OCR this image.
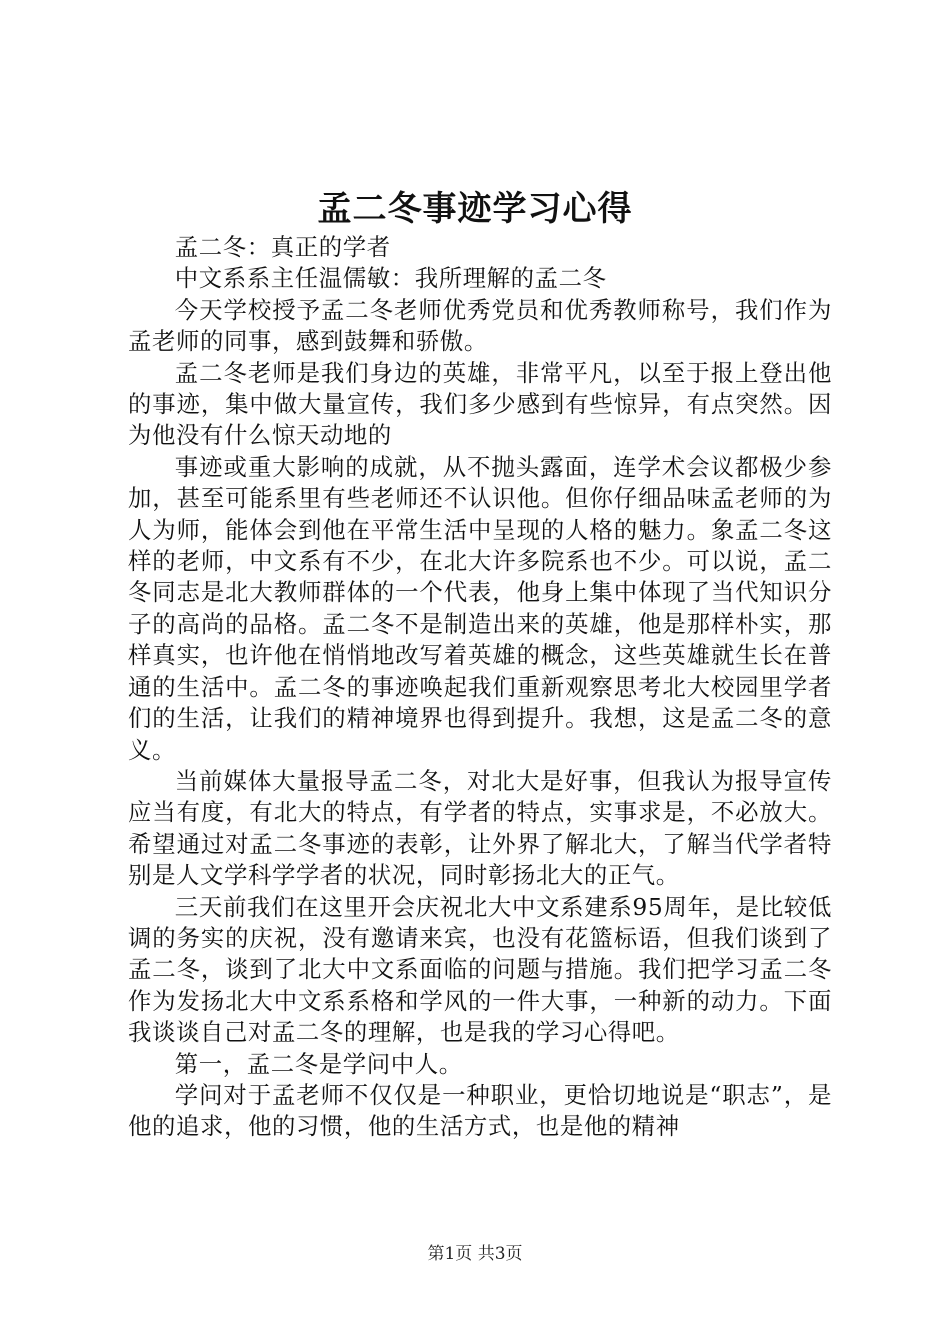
孟二冬事迹学习心得

孟二冬：真正的学者

中文系系主任温儒敏：我所理解的孟二冬

今天学校授予孟二冬老师优秀党员和优秀教师称号，我们作为孟老师的同事，感到鼓舞和骄傲。

孟二冬老师是我们身边的英雄，非常平凡，以至于报上登出他的事迹，集中做大量宣传，我们多少感到有些惊异，有点突然。因为他没有什么惊天动地的

事迹或重大影响的成就，从不抛头露面，连学术会议都极少参加，甚至可能系里有些老师还不认识他。但你仔细品味孟老师的为人为师，能体会到他在平常生活中呈现的人格的魅力。象孟二冬这样的老师，中文系有不少，在北大许多院系也不少。可以说，孟二冬同志是北大教师群体的一个代表，他身上集中体现了当代知识分子的高尚的品格。孟二冬不是制造出来的英雄，他是那样朴实，那样真实，也许他在悄悄地改写着英雄的概念，这些英雄就生长在普通的生活中。孟二冬的事迹唤起我们重新观察思考北大校园里学者们的生活，让我们的精神境界也得到提升。我想，这是孟二冬的意义。

当前媒体大量报导孟二冬，对北大是好事，但我认为报导宣传应当有度，有北大的特点，有学者的特点，实事求是，不必放大。希望通过对孟二冬事迹的表彰，让外界了解北大，了解当代学者特别是人文学科学学者的状况，同时彰扬北大的正气。

三天前我们在这里开会庆祝北大中文系建系95周年，是比较低调的务实的庆祝，没有邀请来宾，也没有花篮标语，但我们谈到了孟二冬，谈到了北大中文系面临的问题与措施。我们把学习孟二冬作为发扬北大中文系系格和学风的一件大事，一种新的动力。下面我谈谈自己对孟二冬的理解，也是我的学习心得吧。

第一，孟二冬是学问中人。

学问对于孟老师不仅仅是一种职业，更恰切地说是“职志”，是他的追求，他的习惯，他的生活方式，也是他的精神

第1页 共3页
